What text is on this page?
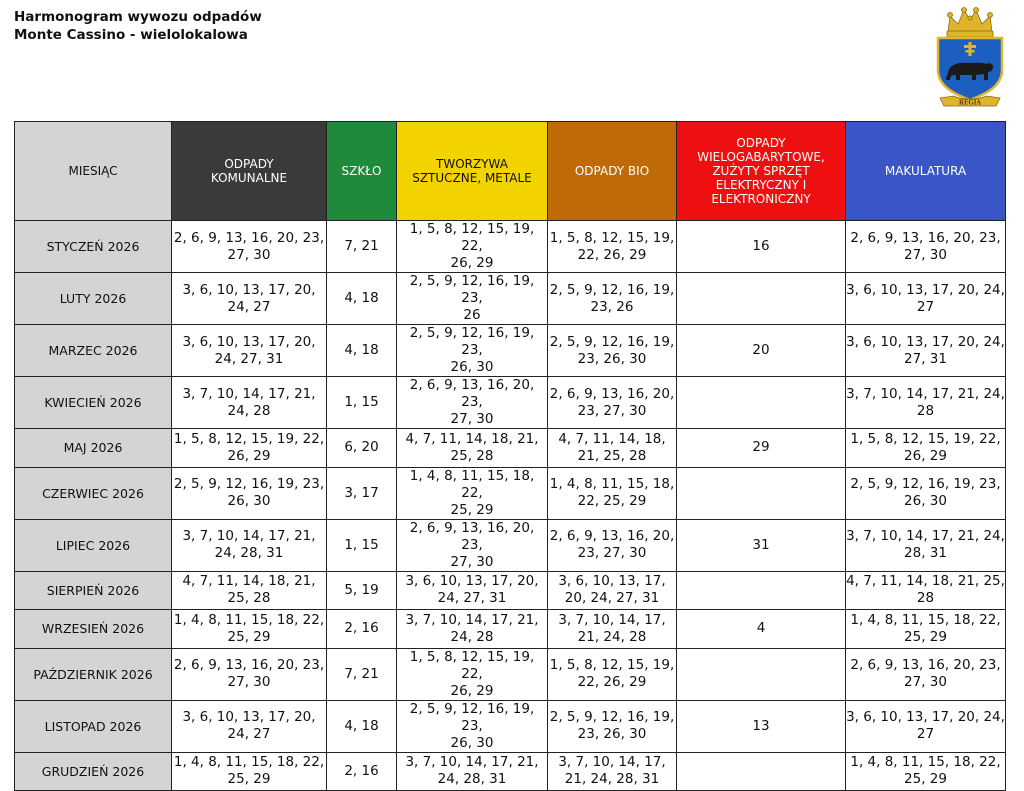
Harmonogram wywozu odpadów
Monte Cassino - wielolokalowa
REGIA
MIESIĄC	ODPADY
KOMUNALNE	SZKŁO	TWORZYWA
SZTUCZNE, METALE	ODPADY BIO	ODPADY
WIELOGABARYTOWE,
ZUŻYTY SPRZĘT
ELEKTRYCZNY I
ELEKTRONICZNY	MAKULATURA

STYCZEŃ 2026	2, 6, 9, 13, 16, 20, 23,
27, 30	7, 21	1, 5, 8, 12, 15, 19, 22,
26, 29	1, 5, 8, 12, 15, 19,
22, 26, 29	16	2, 6, 9, 13, 16, 20, 23,
27, 30
LUTY 2026	3, 6, 10, 13, 17, 20,
24, 27	4, 18	2, 5, 9, 12, 16, 19, 23,
26	2, 5, 9, 12, 16, 19,
23, 26		3, 6, 10, 13, 17, 20, 24,
27
MARZEC 2026	3, 6, 10, 13, 17, 20,
24, 27, 31	4, 18	2, 5, 9, 12, 16, 19, 23,
26, 30	2, 5, 9, 12, 16, 19,
23, 26, 30	20	3, 6, 10, 13, 17, 20, 24,
27, 31
KWIECIEŃ 2026	3, 7, 10, 14, 17, 21,
24, 28	1, 15	2, 6, 9, 13, 16, 20, 23,
27, 30	2, 6, 9, 13, 16, 20,
23, 27, 30		3, 7, 10, 14, 17, 21, 24,
28
MAJ 2026	1, 5, 8, 12, 15, 19, 22,
26, 29	6, 20	4, 7, 11, 14, 18, 21,
25, 28	4, 7, 11, 14, 18,
21, 25, 28	29	1, 5, 8, 12, 15, 19, 22,
26, 29
CZERWIEC 2026	2, 5, 9, 12, 16, 19, 23,
26, 30	3, 17	1, 4, 8, 11, 15, 18, 22,
25, 29	1, 4, 8, 11, 15, 18,
22, 25, 29		2, 5, 9, 12, 16, 19, 23,
26, 30
LIPIEC 2026	3, 7, 10, 14, 17, 21,
24, 28, 31	1, 15	2, 6, 9, 13, 16, 20, 23,
27, 30	2, 6, 9, 13, 16, 20,
23, 27, 30	31	3, 7, 10, 14, 17, 21, 24,
28, 31
SIERPIEŃ 2026	4, 7, 11, 14, 18, 21,
25, 28	5, 19	3, 6, 10, 13, 17, 20,
24, 27, 31	3, 6, 10, 13, 17,
20, 24, 27, 31		4, 7, 11, 14, 18, 21, 25,
28
WRZESIEŃ 2026	1, 4, 8, 11, 15, 18, 22,
25, 29	2, 16	3, 7, 10, 14, 17, 21,
24, 28	3, 7, 10, 14, 17,
21, 24, 28	4	1, 4, 8, 11, 15, 18, 22,
25, 29
PAŹDZIERNIK 2026	2, 6, 9, 13, 16, 20, 23,
27, 30	7, 21	1, 5, 8, 12, 15, 19, 22,
26, 29	1, 5, 8, 12, 15, 19,
22, 26, 29		2, 6, 9, 13, 16, 20, 23,
27, 30
LISTOPAD 2026	3, 6, 10, 13, 17, 20,
24, 27	4, 18	2, 5, 9, 12, 16, 19, 23,
26, 30	2, 5, 9, 12, 16, 19,
23, 26, 30	13	3, 6, 10, 13, 17, 20, 24,
27
GRUDZIEŃ 2026	1, 4, 8, 11, 15, 18, 22,
25, 29	2, 16	3, 7, 10, 14, 17, 21,
24, 28, 31	3, 7, 10, 14, 17,
21, 24, 28, 31		1, 4, 8, 11, 15, 18, 22,
25, 29
